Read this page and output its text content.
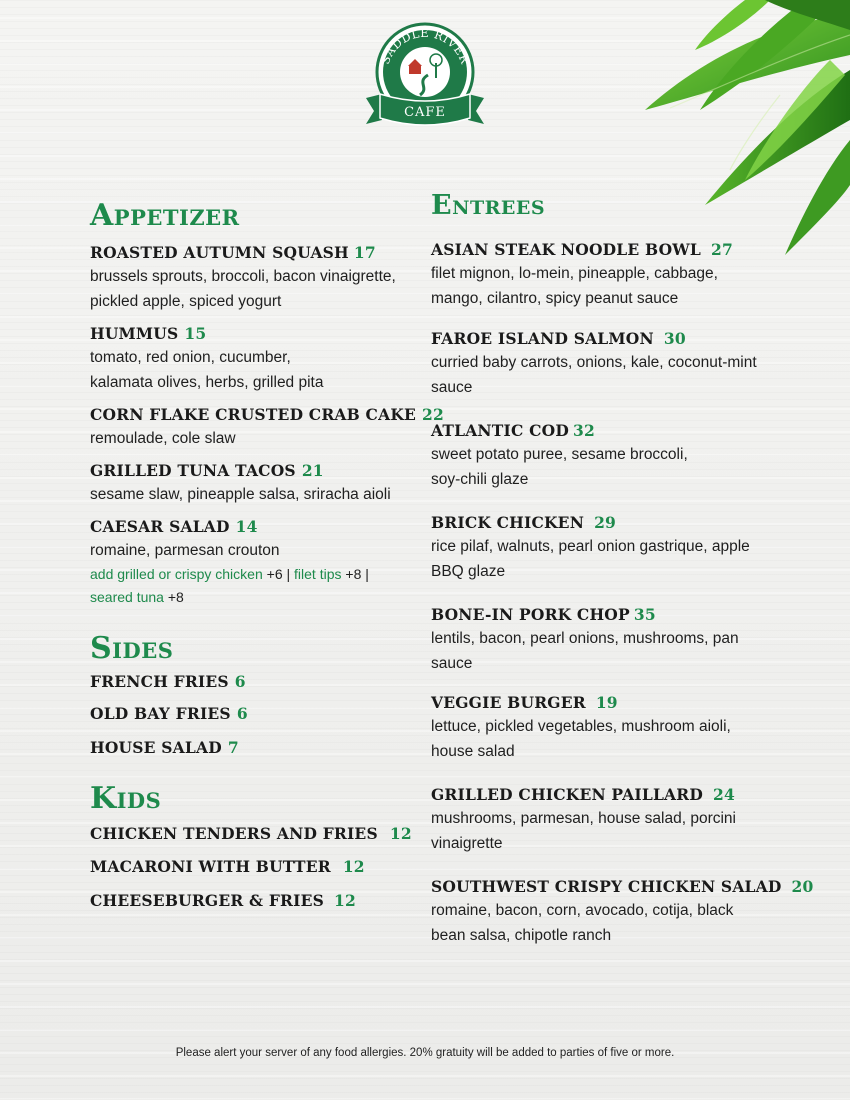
SADDLE RIVER
CAFE
Appetizer
ROASTED AUTUMN SQUASH 17
brussels sprouts, broccoli, bacon vinaigrette,
pickled apple, spiced yogurt
HUMMUS 15
tomato, red onion, cucumber,
kalamata olives, herbs, grilled pita
CORN FLAKE CRUSTED CRAB CAKE 22
remoulade, cole slaw
GRILLED TUNA TACOS 21
sesame slaw, pineapple salsa, sriracha aioli
CAESAR SALAD 14
romaine, parmesan crouton
add grilled or crispy chicken +6 | filet tips +8 |
seared tuna +8
Sides
FRENCH FRIES 6
OLD BAY FRIES 6
HOUSE SALAD 7
Kids
CHICKEN TENDERS AND FRIES 12
MACARONI WITH BUTTER 12
CHEESEBURGER & FRIES 12
Entrees
ASIAN STEAK NOODLE BOWL 27
filet mignon, lo-mein, pineapple, cabbage,
mango, cilantro, spicy peanut sauce
FAROE ISLAND SALMON 30
curried baby carrots, onions, kale, coconut-mint
sauce
ATLANTIC COD 32
sweet potato puree, sesame broccoli,
soy-chili glaze
BRICK CHICKEN 29
rice pilaf, walnuts, pearl onion gastrique, apple
BBQ glaze
BONE-IN PORK CHOP 35
lentils, bacon, pearl onions, mushrooms, pan
sauce
VEGGIE BURGER 19
lettuce, pickled vegetables, mushroom aioli,
house salad
GRILLED CHICKEN PAILLARD 24
mushrooms, parmesan, house salad, porcini
vinaigrette
SOUTHWEST CRISPY CHICKEN SALAD 20
romaine, bacon, corn, avocado, cotija, black
bean salsa, chipotle ranch
Please alert your server of any food allergies. 20% gratuity will be added to parties of five or more.
